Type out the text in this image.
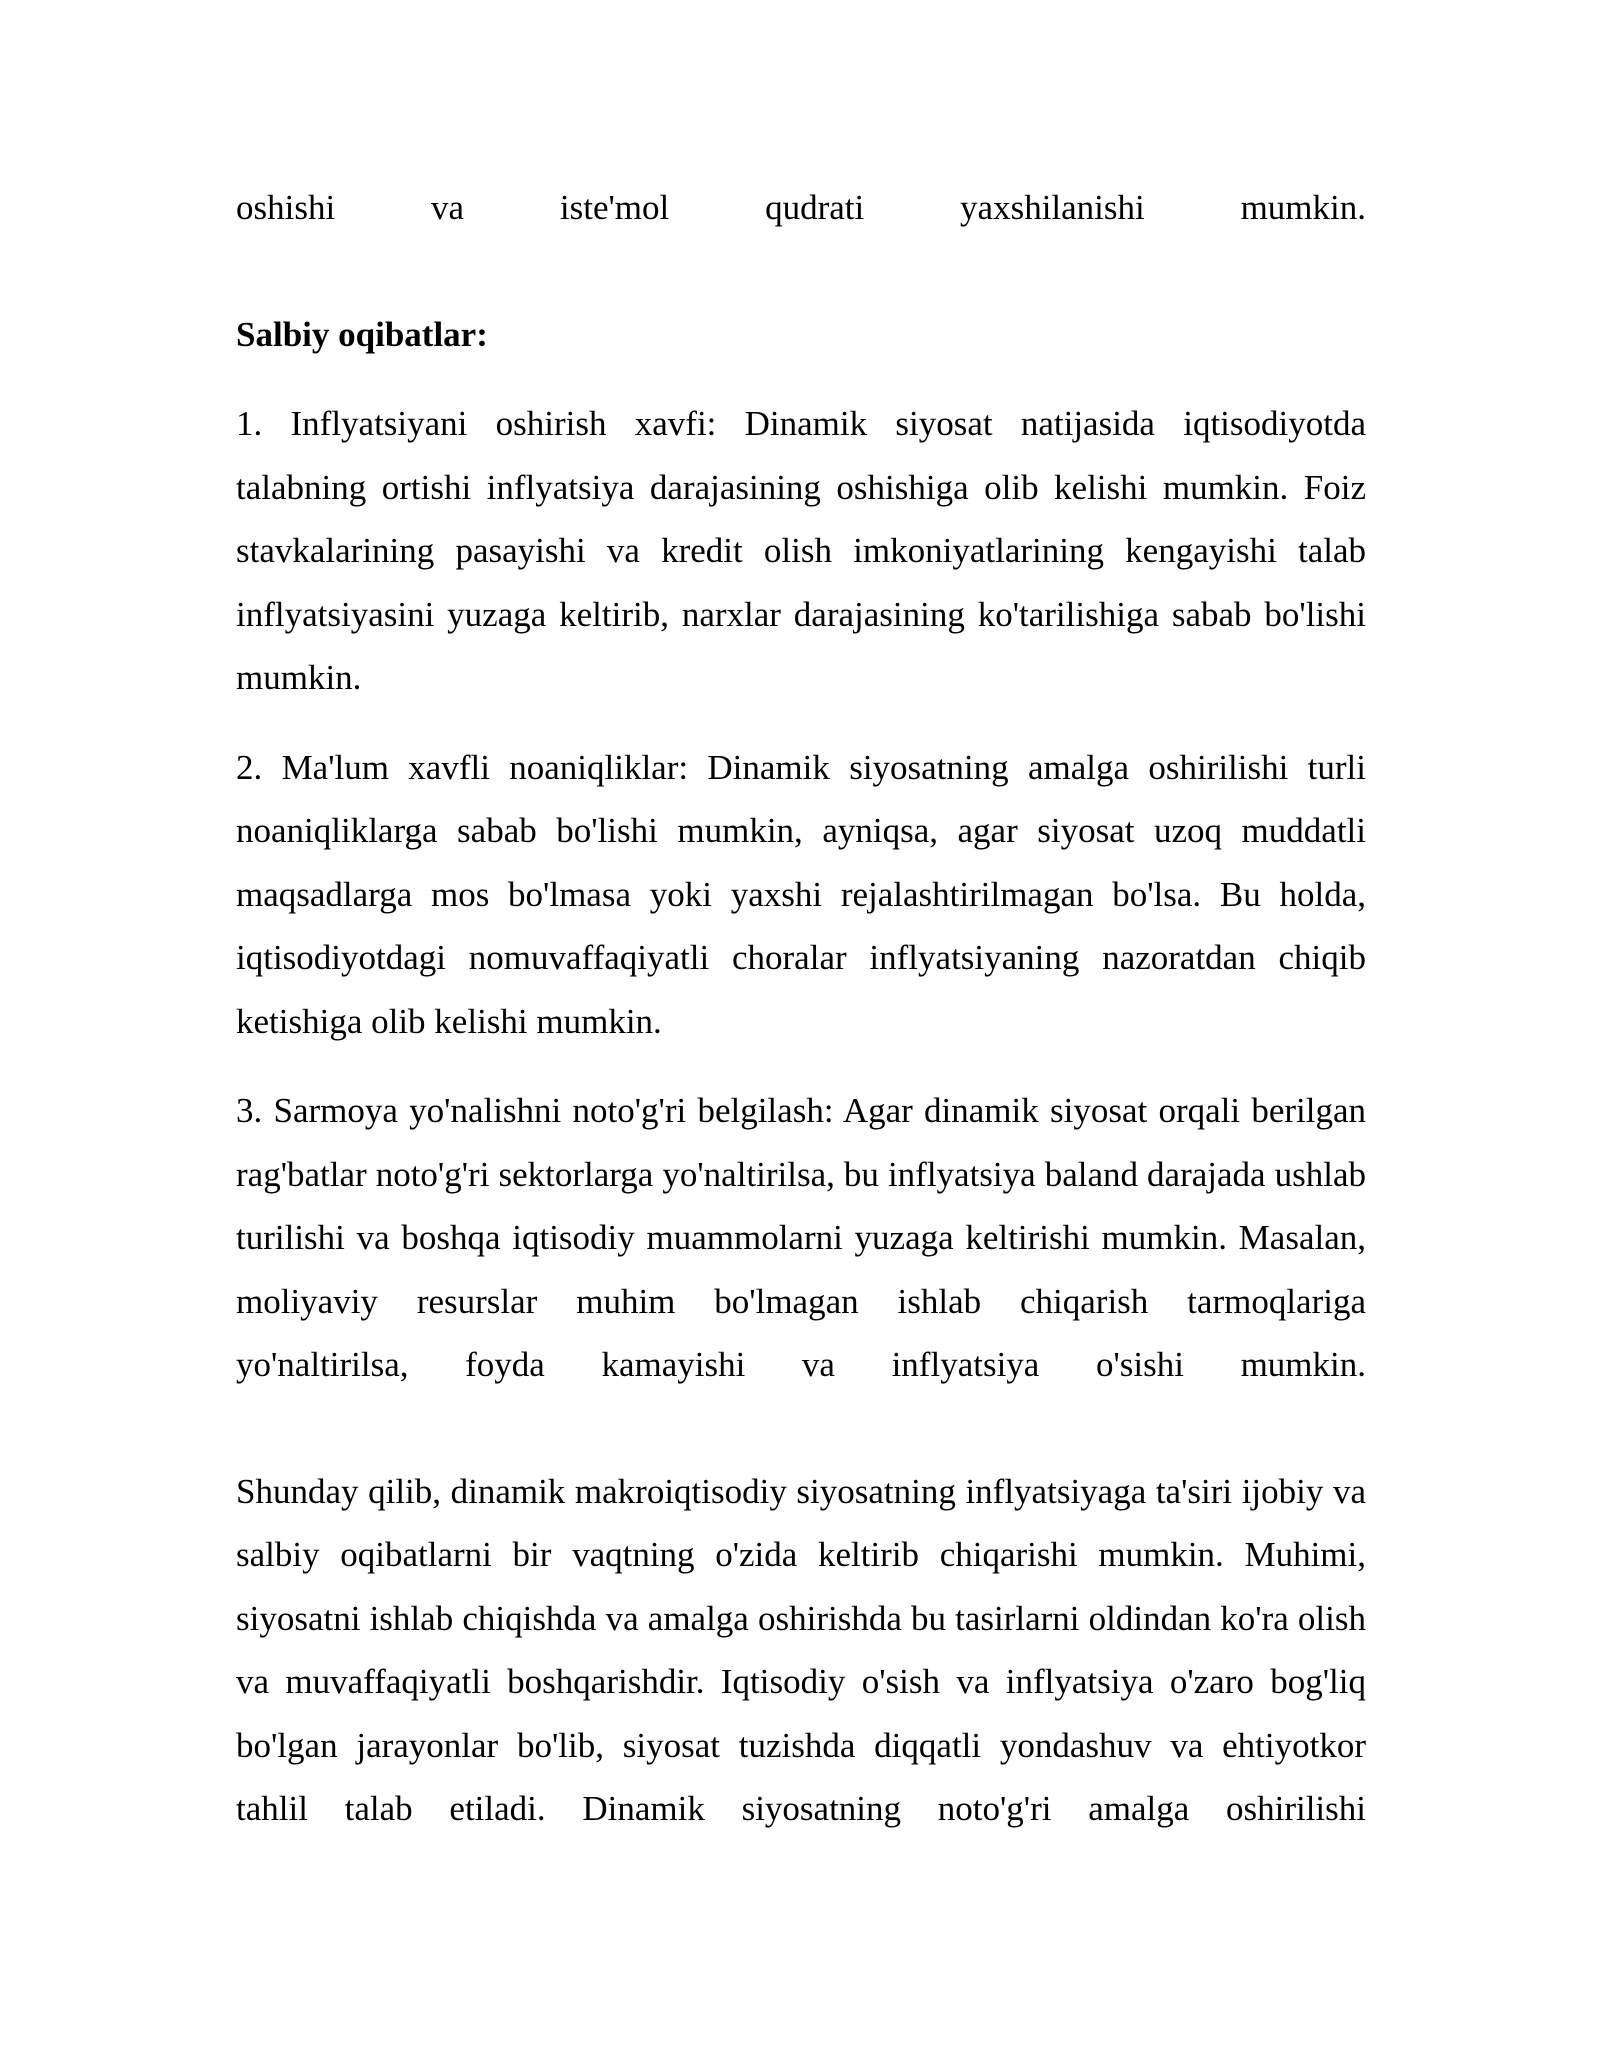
oshishi va iste'mol qudrati yaxshilanishi mumkin.

Salbiy oqibatlar:

1. Inflyatsiyani oshirish xavfi: Dinamik siyosat natijasida iqtisodiyotda talabning ortishi inflyatsiya darajasining oshishiga olib kelishi mumkin. Foiz stavkalarining pasayishi va kredit olish imkoniyatlarining kengayishi talab inflyatsiyasini yuzaga keltirib, narxlar darajasining ko'tarilishiga sabab bo'lishi mumkin.

2. Ma'lum xavfli noaniqliklar: Dinamik siyosatning amalga oshirilishi turli noaniqliklarga sabab bo'lishi mumkin, ayniqsa, agar siyosat uzoq muddatli maqsadlarga mos bo'lmasa yoki yaxshi rejalashtirilmagan bo'lsa. Bu holda, iqtisodiyotdagi nomuvaffaqiyatli choralar inflyatsiyaning nazoratdan chiqib ketishiga olib kelishi mumkin.

3. Sarmoya yo'nalishni noto'g'ri belgilash: Agar dinamik siyosat orqali berilgan rag'batlar noto'g'ri sektorlarga yo'naltirilsa, bu inflyatsiya baland darajada ushlab turilishi va boshqa iqtisodiy muammolarni yuzaga keltirishi mumkin. Masalan, moliyaviy resurslar muhim bo'lmagan ishlab chiqarish tarmoqlariga yo'naltirilsa, foyda kamayishi va inflyatsiya o'sishi mumkin.

Shunday qilib, dinamik makroiqtisodiy siyosatning inflyatsiyaga ta'siri ijobiy va salbiy oqibatlarni bir vaqtning o'zida keltirib chiqarishi mumkin. Muhimi, siyosatni ishlab chiqishda va amalga oshirishda bu tasirlarni oldindan ko'ra olish va muvaffaqiyatli boshqarishdir. Iqtisodiy o'sish va inflyatsiya o'zaro bog'liq bo'lgan jarayonlar bo'lib, siyosat tuzishda diqqatli yondashuv va ehtiyotkor tahlil talab etiladi. Dinamik siyosatning noto'g'ri amalga oshirilishi
